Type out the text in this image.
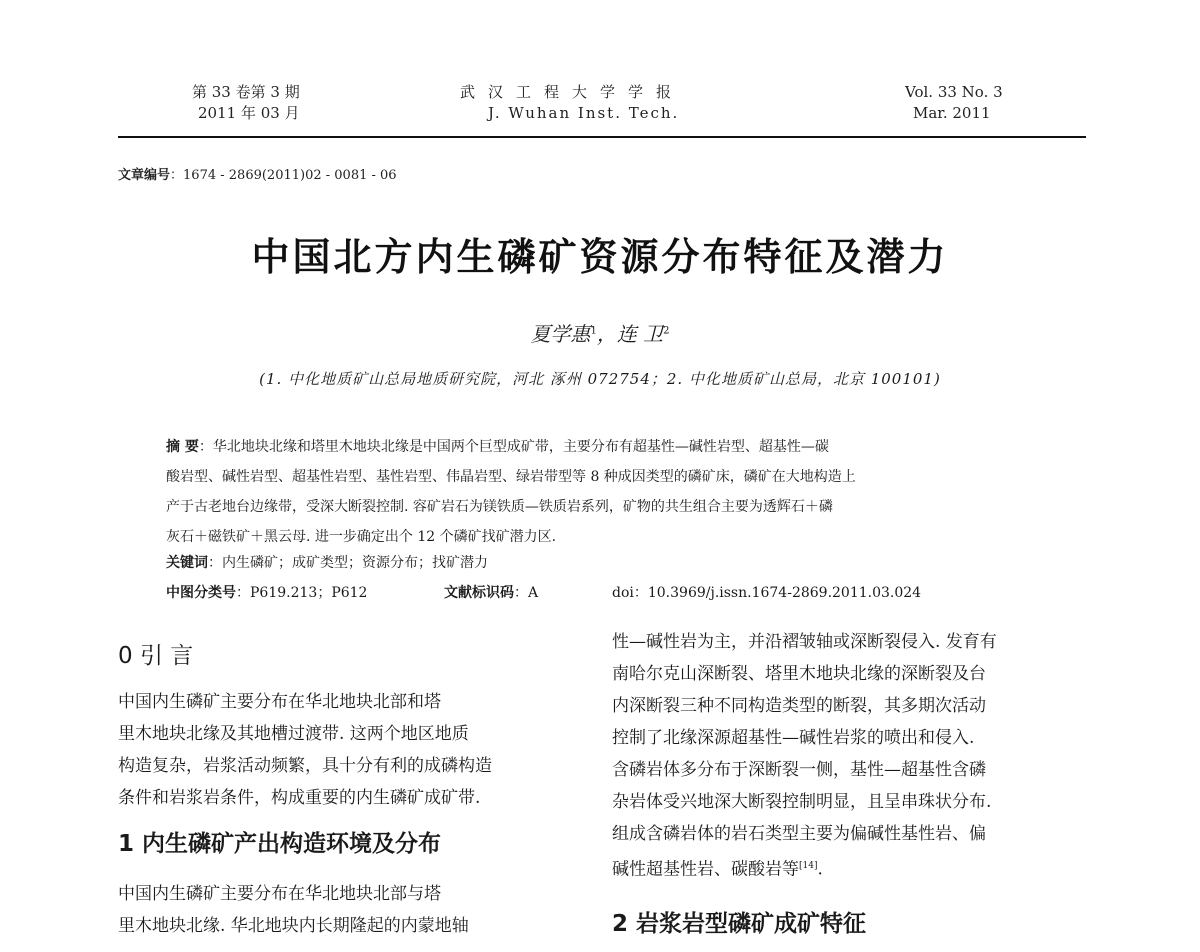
第 33 卷第 3 期
2011 年 03 月
武汉工程大学学报
J. Wuhan Inst. Tech.
Vol. 33 No. 3
Mar. 2011
文章编号：1674 - 2869(2011)02 - 0081 - 06
中国北方内生磷矿资源分布特征及潜力
夏学惠$^1$，连 卫$^2$
(1. 中化地质矿山总局地质研究院，河北 涿州 072754；2. 中化地质矿山总局，北京 100101)
摘 要：华北地块北缘和塔里木地块北缘是中国两个巨型成矿带，主要分布有超基性—碱性岩型、超基性—碳
酸岩型、碱性岩型、超基性岩型、基性岩型、伟晶岩型、绿岩带型等 8 种成因类型的磷矿床，磷矿在大地构造上
产于古老地台边缘带，受深大断裂控制. 容矿岩石为镁铁质—铁质岩系列，矿物的共生组合主要为透辉石＋磷
灰石＋磁铁矿＋黑云母. 进一步确定出个 12 个磷矿找矿潜力区.
关键词：内生磷矿；成矿类型；资源分布；找矿潜力
中图分类号：P619.213；P612	文献标识码：A	doi：10.3969/j.issn.1674-2869.2011.03.024
0 引 言
中国内生磷矿主要分布在华北地块北部和塔
里木地块北缘及其地槽过渡带. 这两个地区地质
构造复杂，岩浆活动频繁，具十分有利的成磷构造
条件和岩浆岩条件，构成重要的内生磷矿成矿带.
1 内生磷矿产出构造环境及分布
中国内生磷矿主要分布在华北地块北部与塔
里木地块北缘. 华北地块内长期隆起的内蒙地轴
性—碱性岩为主，并沿褶皱轴或深断裂侵入. 发育有
南哈尔克山深断裂、塔里木地块北缘的深断裂及台
内深断裂三种不同构造类型的断裂，其多期次活动
控制了北缘深源超基性—碱性岩浆的喷出和侵入.
含磷岩体多分布于深断裂一侧，基性—超基性含磷
杂岩体受兴地深大断裂控制明显，且呈串珠状分布.
组成含磷岩体的岩石类型主要为偏碱性基性岩、偏
碱性超基性岩、碳酸岩等[14].
2 岩浆岩型磷矿成矿特征
